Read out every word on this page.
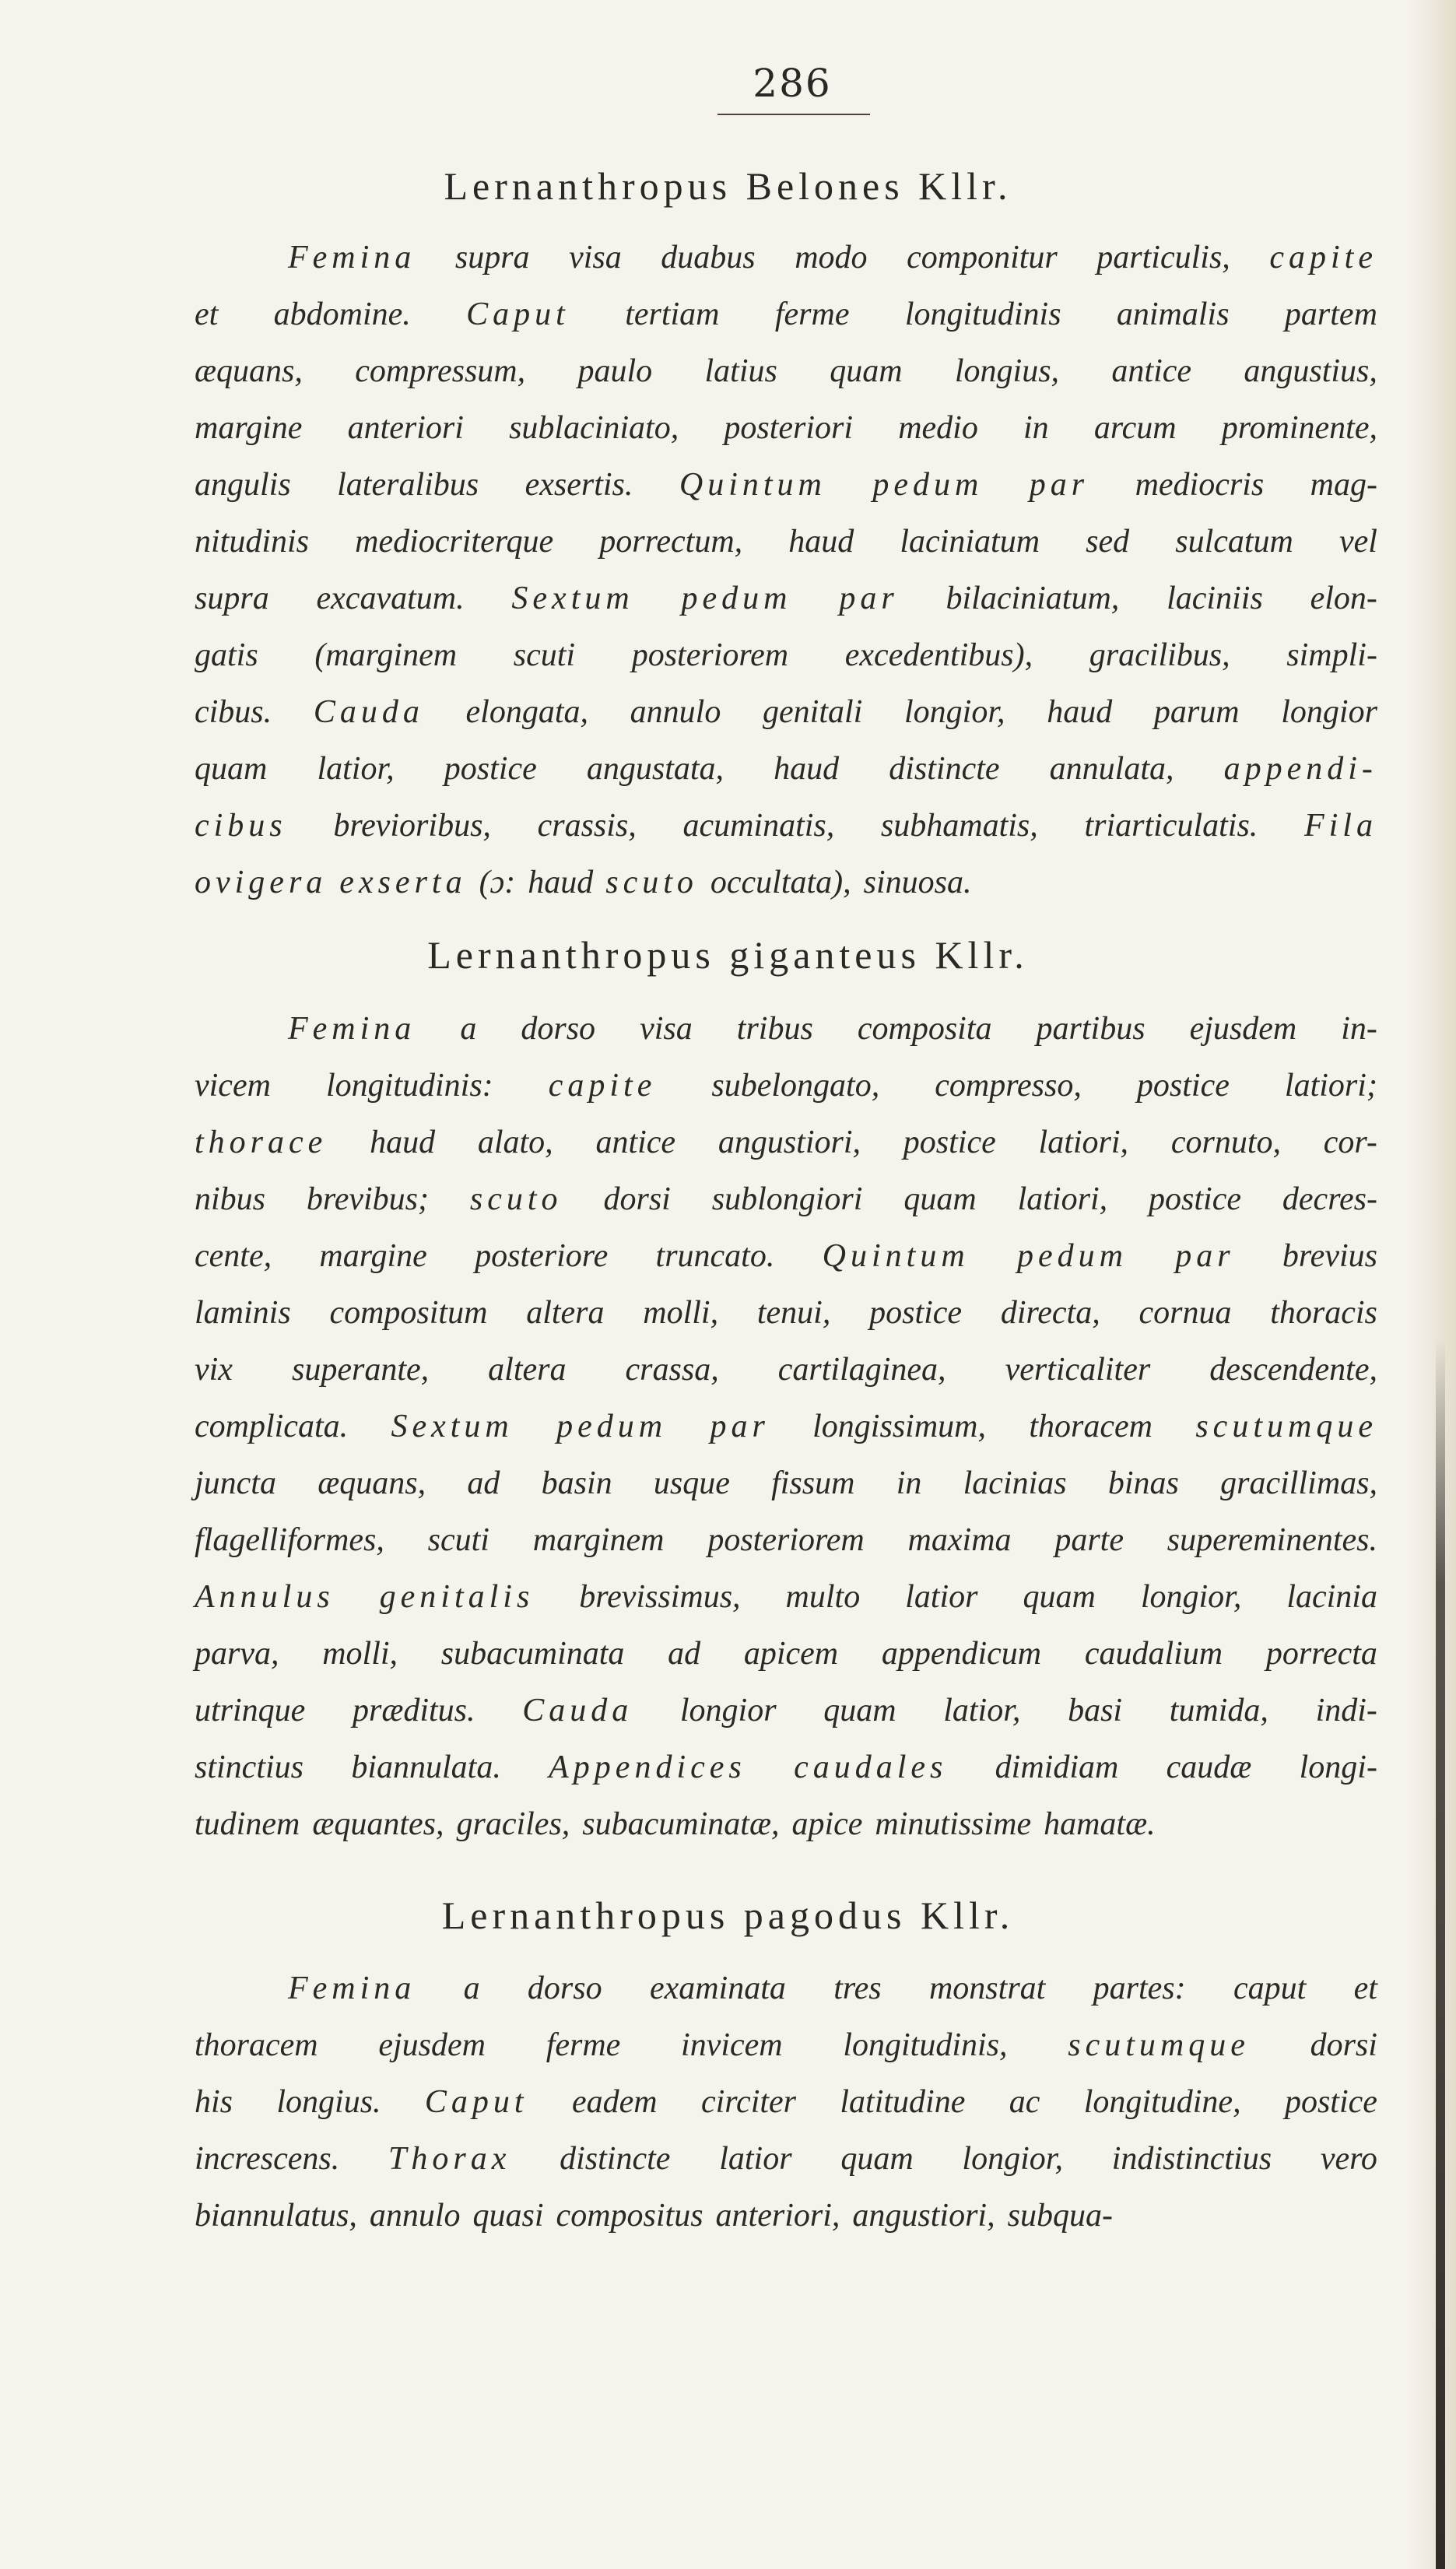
286
Lernanthropus Belones Kllr.
Femina supra visa duabus modo componitur particulis, capite
et abdomine. Caput tertiam ferme longitudinis animalis partem
æquans, compressum, paulo latius quam longius, antice angustius,
margine anteriori sublaciniato, posteriori medio in arcum prominente,
angulis lateralibus exsertis. Quintum pedum par mediocris mag-
nitudinis mediocriterque porrectum, haud laciniatum sed sulcatum vel
supra excavatum. Sextum pedum par bilaciniatum, laciniis elon-
gatis (marginem scuti posteriorem excedentibus), gracilibus, simpli-
cibus. Cauda elongata, annulo genitali longior, haud parum longior
quam latior, postice angustata, haud distincte annulata, appendi-
cibus brevioribus, crassis, acuminatis, subhamatis, triarticulatis. Fila
ovigera exserta (ɔ: haud scuto occultata), sinuosa.
Lernanthropus giganteus Kllr.
Femina a dorso visa tribus composita partibus ejusdem in-
vicem longitudinis: capite subelongato, compresso, postice latiori;
thorace haud alato, antice angustiori, postice latiori, cornuto, cor-
nibus brevibus; scuto dorsi sublongiori quam latiori, postice decres-
cente, margine posteriore truncato. Quintum pedum par brevius
laminis compositum altera molli, tenui, postice directa, cornua thoracis
vix superante, altera crassa, cartilaginea, verticaliter descendente,
complicata. Sextum pedum par longissimum, thoracem scutumque
juncta æquans, ad basin usque fissum in lacinias binas gracillimas,
flagelliformes, scuti marginem posteriorem maxima parte supereminentes.
Annulus genitalis brevissimus, multo latior quam longior, lacinia
parva, molli, subacuminata ad apicem appendicum caudalium porrecta
utrinque præditus. Cauda longior quam latior, basi tumida, indi-
stinctius biannulata. Appendices caudales dimidiam caudæ longi-
tudinem æquantes, graciles, subacuminatæ, apice minutissime hamatæ.
Lernanthropus pagodus Kllr.
Femina a dorso examinata tres monstrat partes: caput et
thoracem ejusdem ferme invicem longitudinis, scutumque dorsi
his longius. Caput eadem circiter latitudine ac longitudine, postice
increscens. Thorax distincte latior quam longior, indistinctius vero
biannulatus, annulo quasi compositus anteriori, angustiori, subqua-
